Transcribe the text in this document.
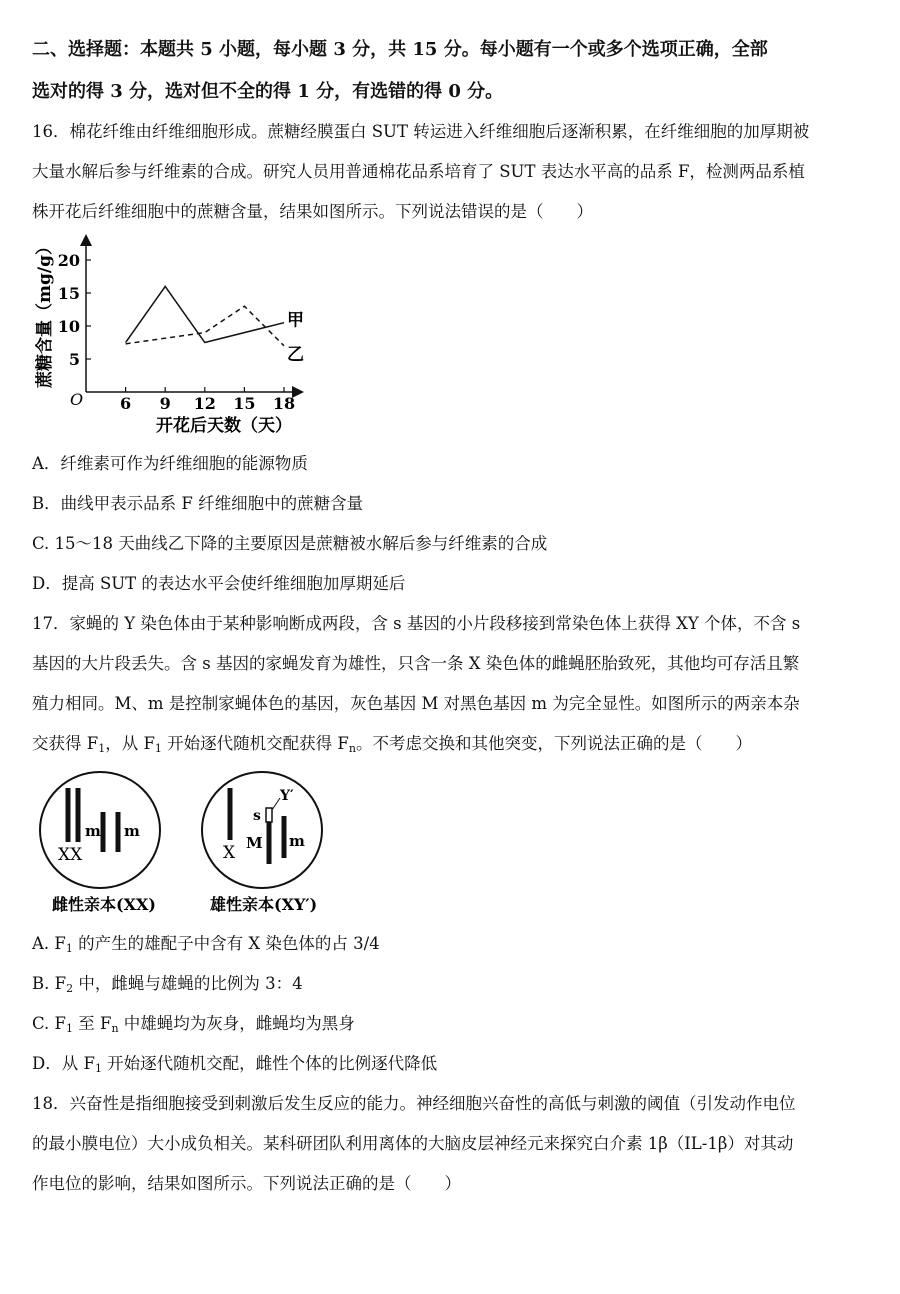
二、选择题：本题共 5 小题，每小题 3 分，共 15 分。每小题有一个或多个选项正确，全部
选对的得 3 分，选对但不全的得 1 分，有选错的得 0 分。
16．棉花纤维由纤维细胞形成。蔗糖经膜蛋白 SUT 转运进入纤维细胞后逐渐积累，在纤维细胞的加厚期被
大量水解后参与纤维素的合成。研究人员用普通棉花品系培育了 SUT 表达水平高的品系 F，检测两品系植
株开花后纤维细胞中的蔗糖含量，结果如图所示。下列说法错误的是（　　）
O 6 9 12 15 18
5
10
15
20
甲
乙
蔗糖含量（mg/g）
开花后天数（天）
A．纤维素可作为纤维细胞的能源物质
B．曲线甲表示品系 F 纤维细胞中的蔗糖含量
C. 15～18 天曲线乙下降的主要原因是蔗糖被水解后参与纤维素的合成
D．提高 SUT 的表达水平会使纤维细胞加厚期延后
17．家蝇的 Y 染色体由于某种影响断成两段，含 s 基因的小片段移接到常染色体上获得 XY 个体，不含 s
基因的大片段丢失。含 s 基因的家蝇发育为雄性，只含一条 X 染色体的雌蝇胚胎致死，其他均可存活且繁
殖力相同。M、m 是控制家蝇体色的基因，灰色基因 M 对黑色基因 m 为完全显性。如图所示的两亲本杂
交获得 $F_1$，从 $F_1$ 开始逐代随机交配获得 $F_n$。不考虑交换和其他突变，下列说法正确的是（　　）
m m
XX
雌性亲本(XX)
s
Y′
M m
X
雄性亲本(XY′)
A. $F_1$ 的产生的雄配子中含有 X 染色体的占 3/4
B. $F_2$ 中，雌蝇与雄蝇的比例为 3：4
C. $F_1$ 至 $F_n$ 中雄蝇均为灰身，雌蝇均为黑身
D．从 $F_1$ 开始逐代随机交配，雌性个体的比例逐代降低
18．兴奋性是指细胞接受到刺激后发生反应的能力。神经细胞兴奋性的高低与刺激的阈值（引发动作电位
的最小膜电位）大小成负相关。某科研团队利用离体的大脑皮层神经元来探究白介素 1β（IL-1β）对其动
作电位的影响，结果如图所示。下列说法正确的是（　　）
